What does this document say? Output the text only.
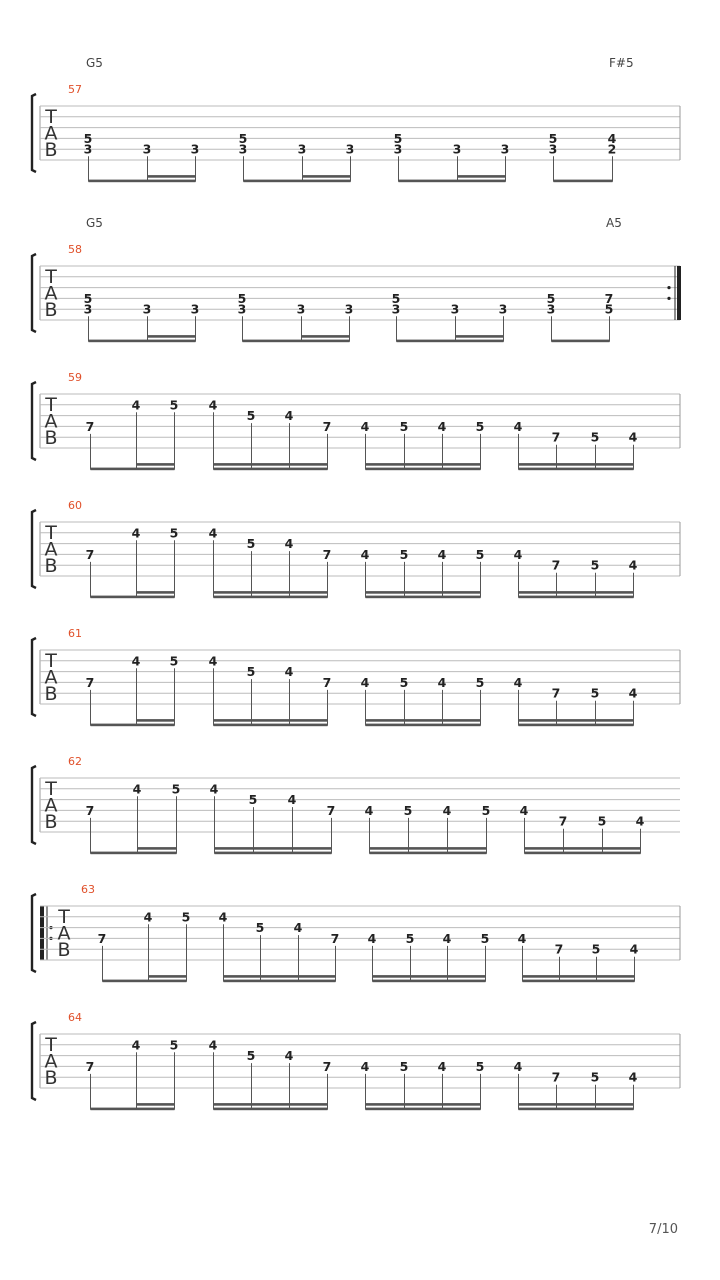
T
A
B
57
G5	F#5
5
3	3	3
5
3	3	3
5
3	3	3
5
3
4
2
T
A
B
58
G5	A5
5
3	3	3
5
3	3	3
5
3	3	3
5
3
7
5
T
A
B
59
7
4 5 4
5 4
7 4 5 4 5 4
7 5 4
T
A
B
60
7
4 5 4
5 4
7 4 5 4 5 4
7 5 4
T
A
B
61
7
4 5 4
5 4
7 4 5 4 5 4
7 5 4
T
A
B
62
7
4 5 4
5 4
7 4 5 4 5 4
7 5 4
T
A
B
63
7
4 5 4
5 4
7 4 5 4 5 4
7 5 4
T
A
B
64
7
4 5 4
5 4
7 4 5 4 5 4
7 5 4
7/10
